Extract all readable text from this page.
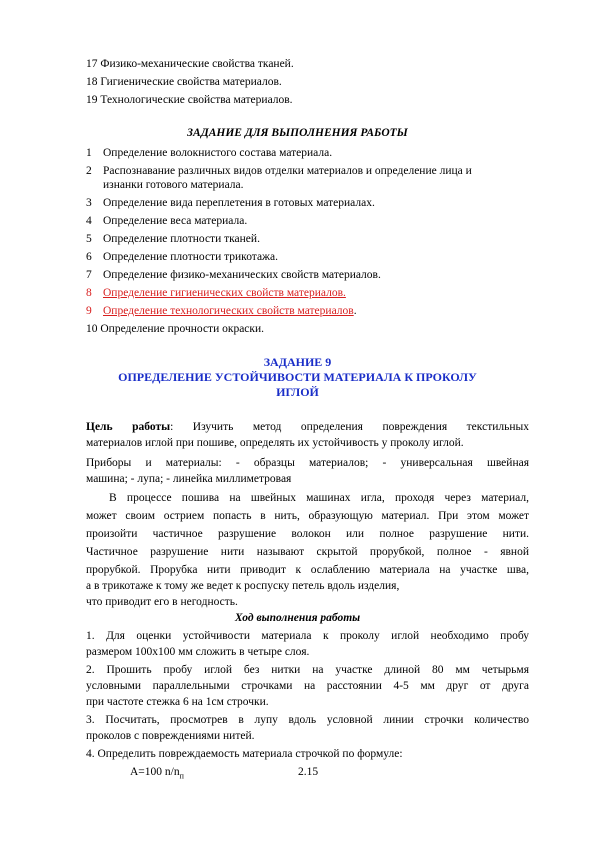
17 Физико-механические свойства тканей.
18 Гигиенические свойства материалов.
19 Технологические свойства материалов.
ЗАДАНИЕ ДЛЯ ВЫПОЛНЕНИЯ РАБОТЫ
1 Определение волокнистого состава материала.
2 Распознавание различных видов отделки материалов и определение лица и
изнанки готового материала.
3 Определение вида переплетения в готовых материалах.
4 Определение веса материала.
5 Определение плотности тканей.
6 Определение плотности трикотажа.
7 Определение физико-механических свойств материалов.
8 Определение гигиенических свойств материалов.
9 Определение технологических свойств материалов.
10 Определение прочности окраски.
ЗАДАНИЕ 9
ОПРЕДЕЛЕНИЕ УСТОЙЧИВОСТИ МАТЕРИАЛА К ПРОКОЛУ
ИГЛОЙ
Цель работы: Изучить метод определения повреждения текстильных
материалов иглой при пошиве, определять их устойчивость у проколу иглой.
Приборы и материалы: - образцы материалов; - универсальная швейная
машина; - лупа; - линейка миллиметровая
В процессе пошива на швейных машинах игла, проходя через материал,
может своим острием попасть в нить, образующую материал. При этом может
произойти частичное разрушение волокон или полное разрушение нити.
Частичное разрушение нити называют скрытой прорубкой, полное - явной
прорубкой. Прорубка нити приводит к ослаблению материала на участке шва,
а в трикотаже к тому же ведет к роспуску петель вдоль изделия,
что приводит его в негодность.
Ход выполнения работы
1. Для оценки устойчивости материала к проколу иглой необходимо пробу
размером 100х100 мм сложить в четыре слоя.
2. Прошить пробу иглой без нитки на участке длиной 80 мм четырьмя
условными параллельными строчками на расстоянии 4-5 мм друг от друга
при частоте стежка 6 на 1см строчки.
3. Посчитать, просмотрев в лупу вдоль условной линии строчки количество
проколов с повреждениями нитей.
4. Определить повреждаемость материала строчкой по формуле:
А=100 $n/n_п$	2.15
